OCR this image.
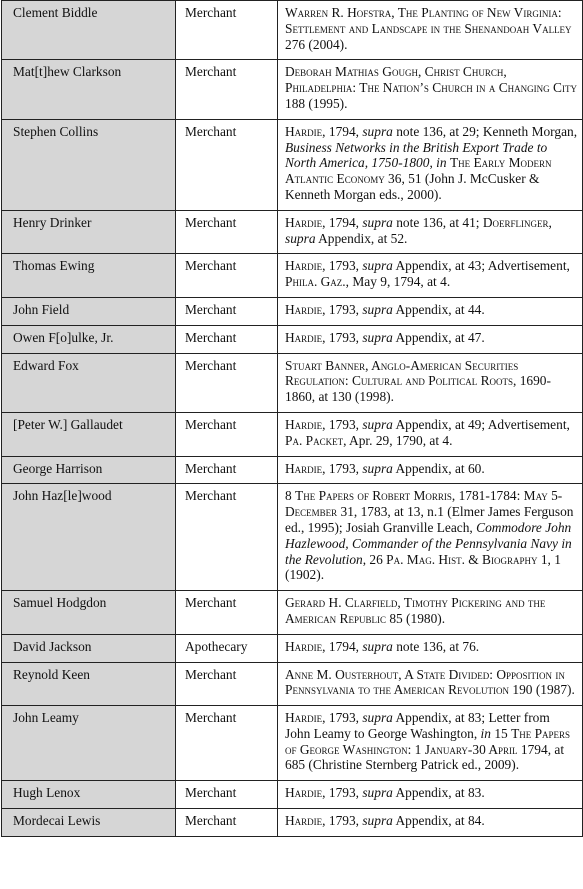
Clement Biddle	Merchant	Warren R. Hofstra, The Planting of New Virginia: Settlement and Landscape in the Shenandoah Valley 276 (2004).
Mat[t]hew Clarkson	Merchant	Deborah Mathias Gough, Christ Church, Philadelphia: The Nation’s Church in a Changing City 188 (1995).
Stephen Collins	Merchant	Hardie, 1794, supra note 136, at 29; Kenneth Morgan, Business Networks in the British Export Trade to North America, 1750-1800, in The Early Modern Atlantic Economy 36, 51 (John J. McCusker & Kenneth Morgan eds., 2000).
Henry Drinker	Merchant	Hardie, 1794, supra note 136, at 41; Doerflinger, supra Appendix, at 52.
Thomas Ewing	Merchant	Hardie, 1793, supra Appendix, at 43; Advertisement, Phila. Gaz., May 9, 1794, at 4.
John Field	Merchant	Hardie, 1793, supra Appendix, at 44.
Owen F[o]ulke, Jr.	Merchant	Hardie, 1793, supra Appendix, at 47.
Edward Fox	Merchant	Stuart Banner, Anglo-American Securities Regulation: Cultural and Political Roots, 1690-1860, at 130 (1998).
[Peter W.] Gallaudet	Merchant	Hardie, 1793, supra Appendix, at 49; Advertisement, Pa. Packet, Apr. 29, 1790, at 4.
George Harrison	Merchant	Hardie, 1793, supra Appendix, at 60.
John Haz[le]wood	Merchant	8 The Papers of Robert Morris, 1781-1784: May 5-December 31, 1783, at 13, n.1 (Elmer James Ferguson ed., 1995); Josiah Granville Leach, Commodore John Hazlewood, Commander of the Pennsylvania Navy in the Revolution, 26 Pa. Mag. Hist. & Biography 1, 1 (1902).
Samuel Hodgdon	Merchant	Gerard H. Clarfield, Timothy Pickering and the American Republic 85 (1980).
David Jackson	Apothecary	Hardie, 1794, supra note 136, at 76.
Reynold Keen	Merchant	Anne M. Ousterhout, A State Divided: Opposition in Pennsylvania to the American Revolution 190 (1987).
John Leamy	Merchant	Hardie, 1793, supra Appendix, at 83; Letter from John Leamy to George Washington, in 15 The Papers of George Washington: 1 January-30 April 1794, at 685 (Christine Sternberg Patrick ed., 2009).
Hugh Lenox	Merchant	Hardie, 1793, supra Appendix, at 83.
Mordecai Lewis	Merchant	Hardie, 1793, supra Appendix, at 84.
